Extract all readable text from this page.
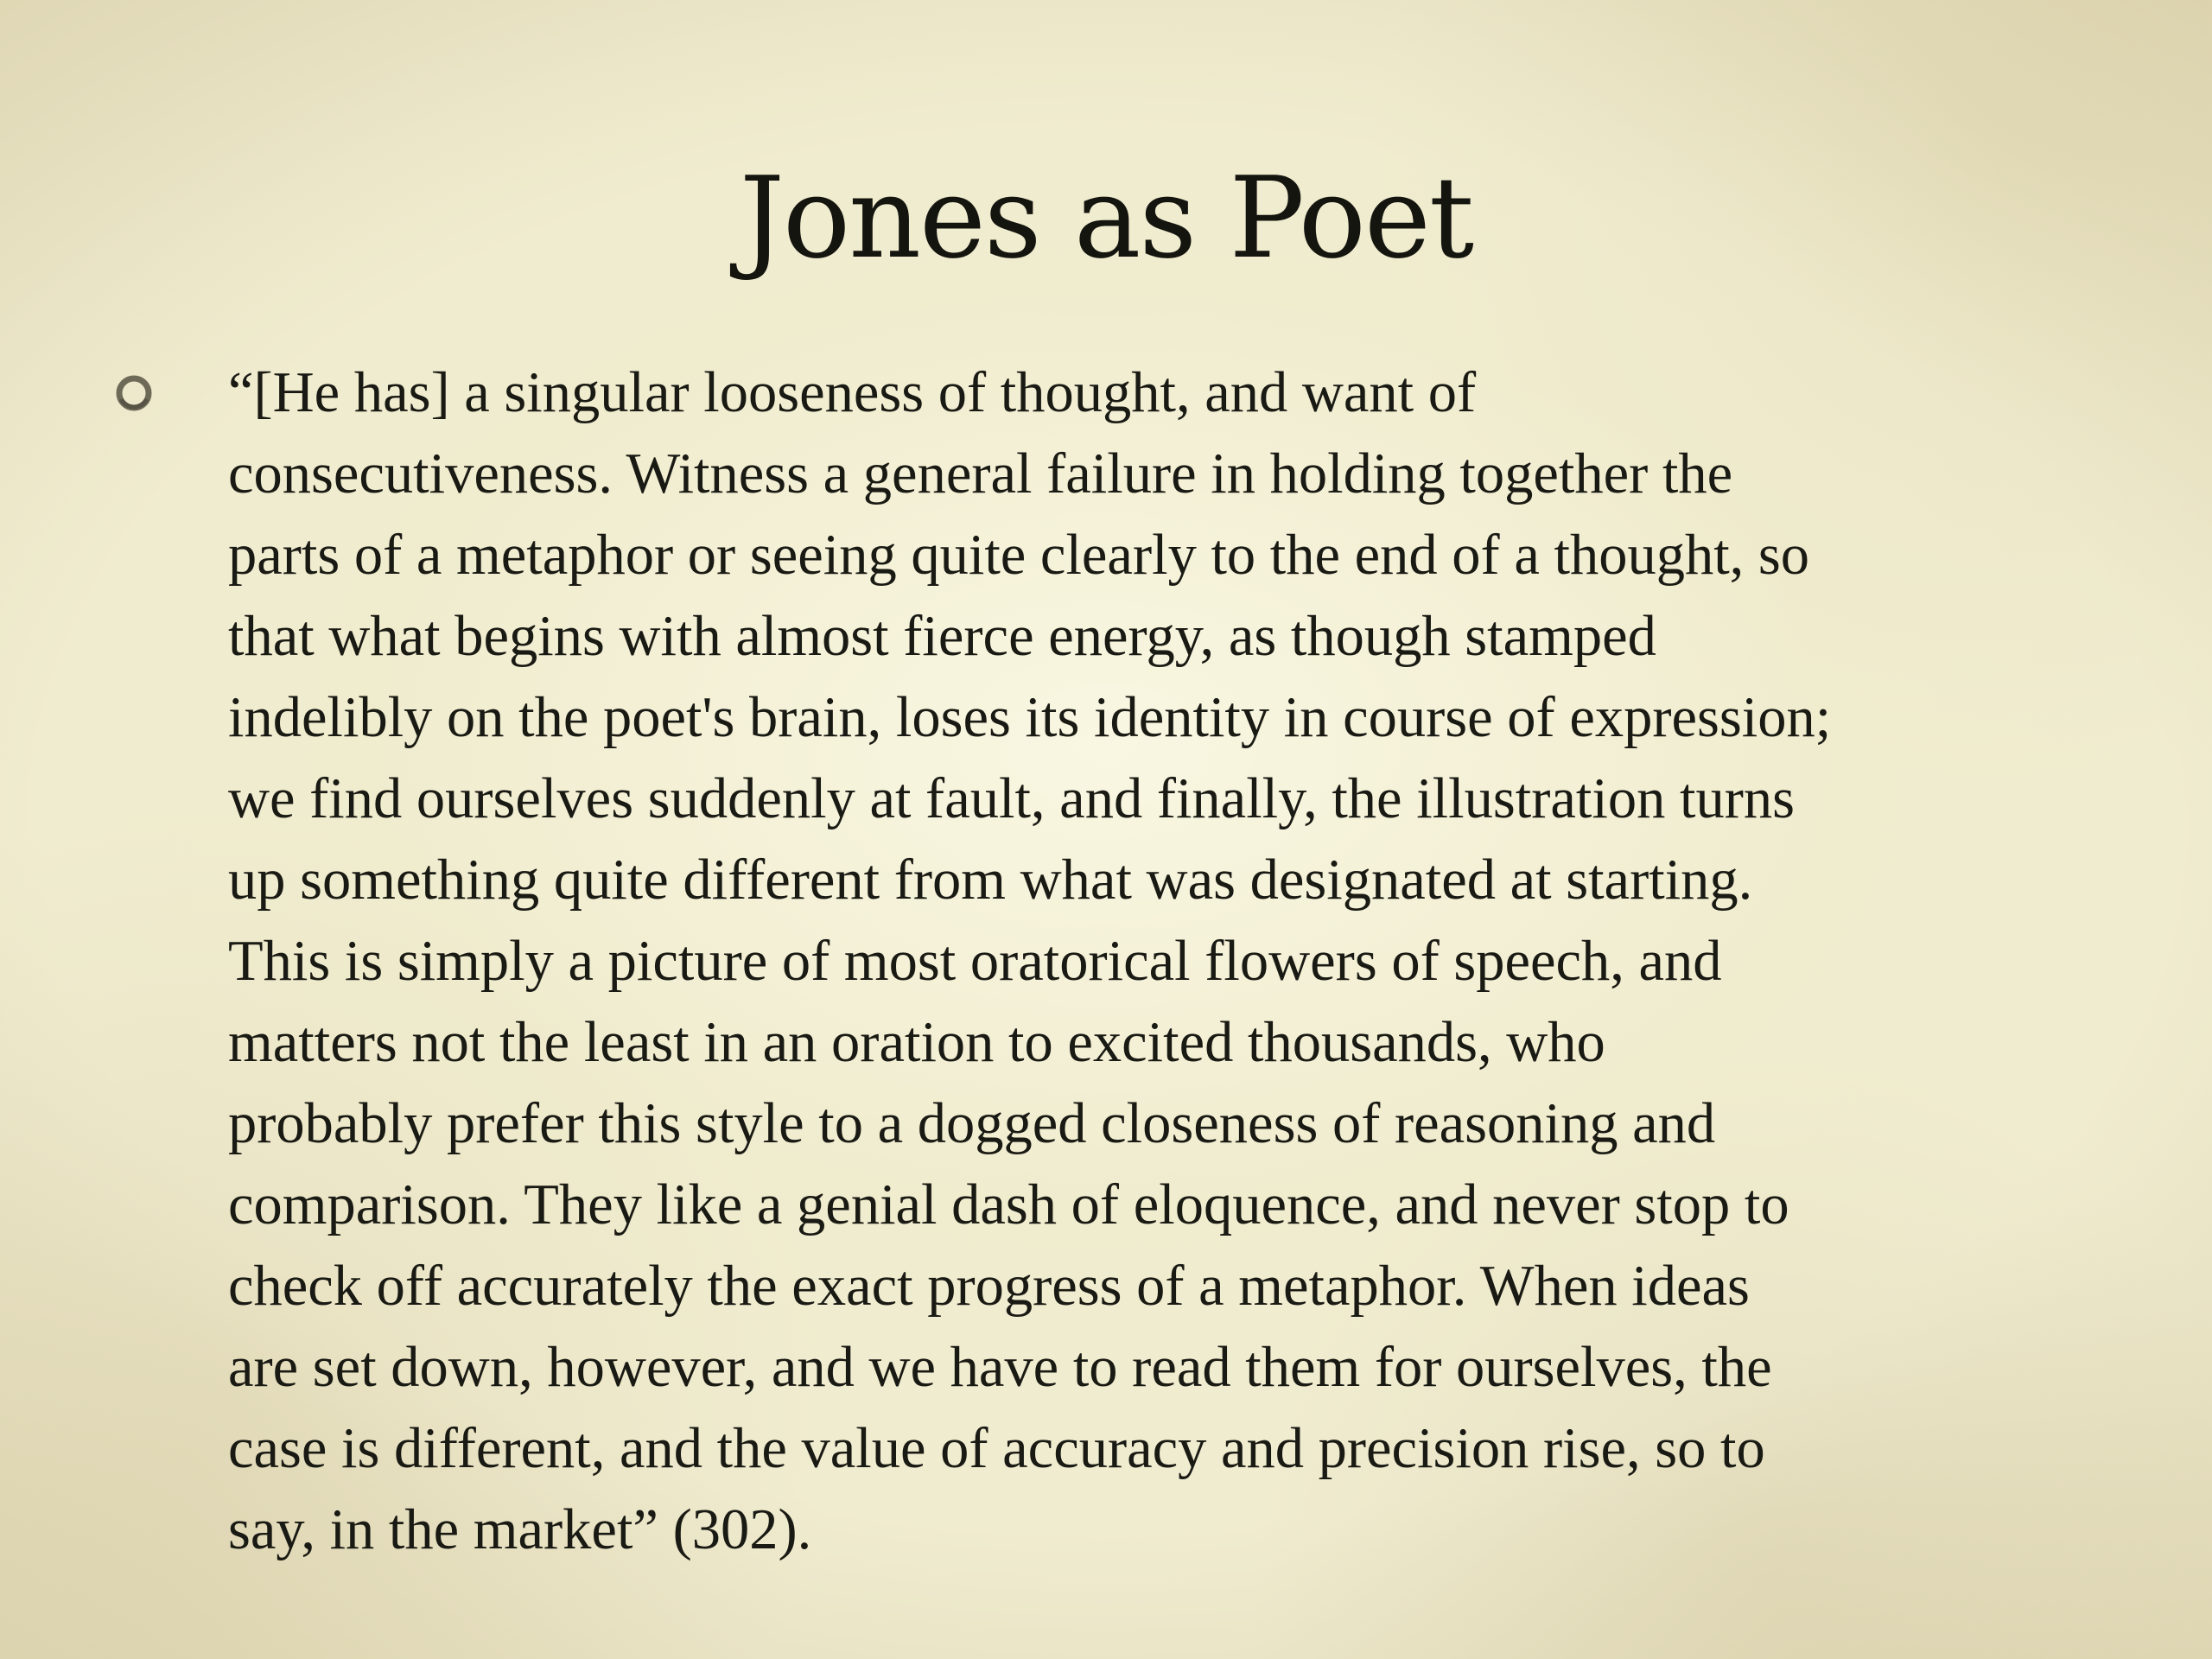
Jones as Poet

“[He has] a singular looseness of thought, and want of
consecutiveness. Witness a general failure in holding together the
parts of a metaphor or seeing quite clearly to the end of a thought, so
that what begins with almost fierce energy, as though stamped
indelibly on the poet's brain, loses its identity in course of expression;
we find ourselves suddenly at fault, and finally, the illustration turns
up something quite different from what was designated at starting.
This is simply a picture of most oratorical flowers of speech, and
matters not the least in an oration to excited thousands, who
probably prefer this style to a dogged closeness of reasoning and
comparison. They like a genial dash of eloquence, and never stop to
check off accurately the exact progress of a metaphor. When ideas
are set down, however, and we have to read them for ourselves, the
case is different, and the value of accuracy and precision rise, so to
say, in the market” (302).
